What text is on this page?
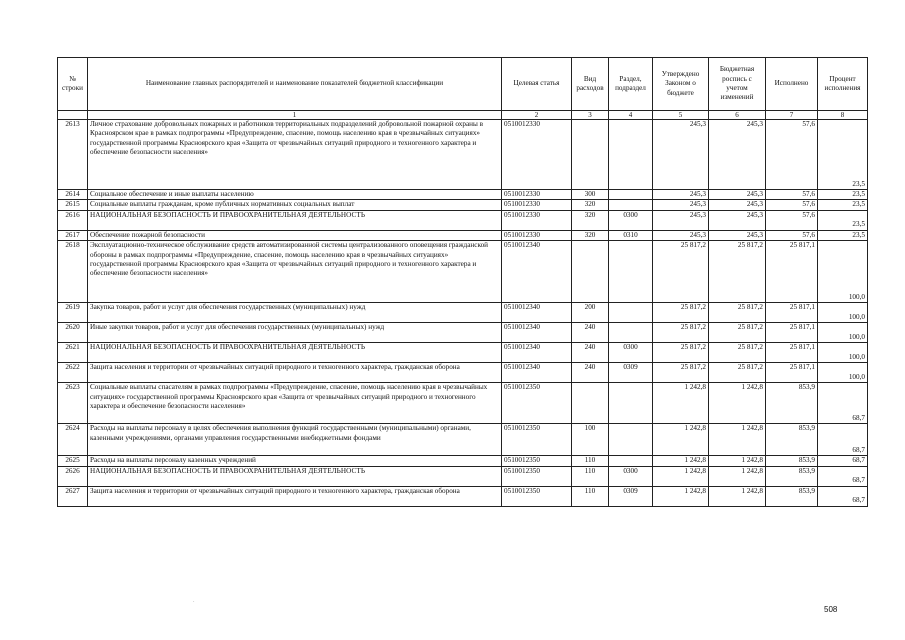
№ строки	Наименование главных распорядителей и наименование показателей бюджетной классификации	Целевая статья	Вид расходов	Раздел, подраздел	Утверждено Законом о бюджете	Бюджетная роспись с учетом изменений	Исполнено	Процент исполнения
	1	2	3	4	5	6	7	8
2613	Личное страхование добровольных пожарных и работников территориальных подразделений добровольной пожарной охраны в Красноярском крае в рамках подпрограммы «Предупреждение, спасение, помощь населению края в чрезвычайных ситуациях» государственной программы Красноярского края «Защита от чрезвычайных ситуаций природного и техногенного характера и обеспечение безопасности населения»	0510012330			245,3	245,3	57,6	23,5
2614	Социальное обеспечение и иные выплаты населению	0510012330	300		245,3	245,3	57,6	23,5
2615	Социальные выплаты гражданам, кроме публичных нормативных социальных выплат	0510012330	320		245,3	245,3	57,6	23,5
2616	НАЦИОНАЛЬНАЯ БЕЗОПАСНОСТЬ И ПРАВООХРАНИТЕЛЬНАЯ ДЕЯТЕЛЬНОСТЬ	0510012330	320	0300	245,3	245,3	57,6	23,5
2617	Обеспечение пожарной безопасности	0510012330	320	0310	245,3	245,3	57,6	23,5
2618	Эксплуатационно-техническое обслуживание средств автоматизированной системы централизованного оповещения гражданской обороны в рамках подпрограммы «Предупреждение, спасение, помощь населению края в чрезвычайных ситуациях» государственной программы Красноярского края «Защита от чрезвычайных ситуаций природного и техногенного характера и обеспечение безопасности населения»	0510012340			25 817,2	25 817,2	25 817,1	100,0
2619	Закупка товаров, работ и услуг для обеспечения государственных (муниципальных) нужд	0510012340	200		25 817,2	25 817,2	25 817,1	100,0
2620	Иные закупки товаров, работ и услуг для обеспечения государственных (муниципальных) нужд	0510012340	240		25 817,2	25 817,2	25 817,1	100,0
2621	НАЦИОНАЛЬНАЯ БЕЗОПАСНОСТЬ И ПРАВООХРАНИТЕЛЬНАЯ ДЕЯТЕЛЬНОСТЬ	0510012340	240	0300	25 817,2	25 817,2	25 817,1	100,0
2622	Защита населения и территории от чрезвычайных ситуаций природного и техногенного характера, гражданская оборона	0510012340	240	0309	25 817,2	25 817,2	25 817,1	100,0
2623	Социальные выплаты спасателям в рамках подпрограммы «Предупреждение, спасение, помощь населению края в чрезвычайных ситуациях» государственной программы Красноярского края «Защита от чрезвычайных ситуаций природного и техногенного характера и обеспечение безопасности населения»	0510012350			1 242,8	1 242,8	853,9	68,7
2624	Расходы на выплаты персоналу в целях обеспечения выполнения функций государственными (муниципальными) органами, казенными учреждениями, органами управления государственными внебюджетными фондами	0510012350	100		1 242,8	1 242,8	853,9	68,7
2625	Расходы на выплаты персоналу казенных учреждений	0510012350	110		1 242,8	1 242,8	853,9	68,7
2626	НАЦИОНАЛЬНАЯ БЕЗОПАСНОСТЬ И ПРАВООХРАНИТЕЛЬНАЯ ДЕЯТЕЛЬНОСТЬ	0510012350	110	0300	1 242,8	1 242,8	853,9	68,7
2627	Защита населения и территории от чрезвычайных ситуаций природного и техногенного характера, гражданская оборона	0510012350	110	0309	1 242,8	1 242,8	853,9	68,7
.
508
